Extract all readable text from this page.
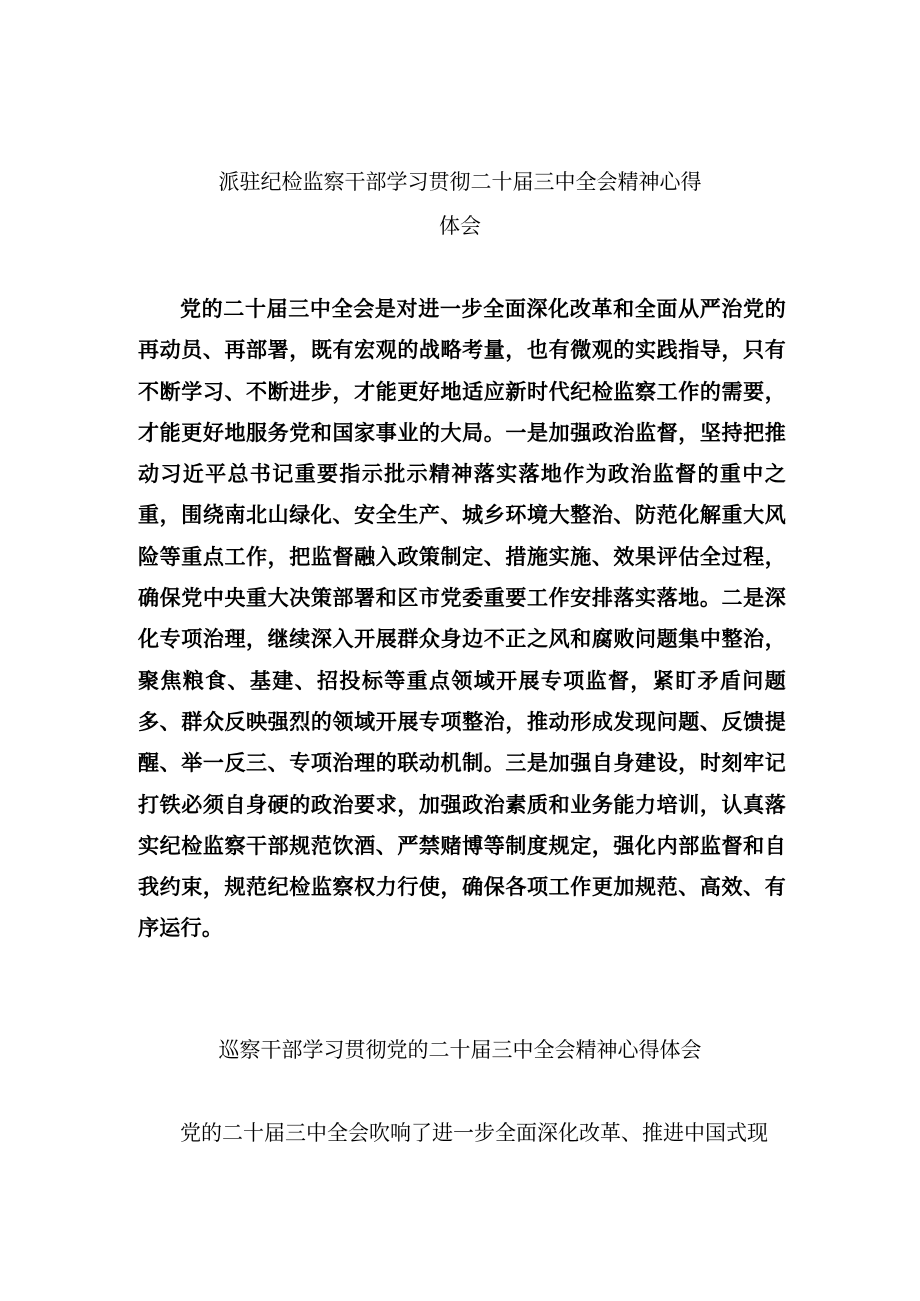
派驻纪检监察干部学习贯彻二十届三中全会精神心得
体会

党的二十届三中全会是对进一步全面深化改革和全面从严治党的再动员、再部署，既有宏观的战略考量，也有微观的实践指导，只有不断学习、不断进步，才能更好地适应新时代纪检监察工作的需要，才能更好地服务党和国家事业的大局。一是加强政治监督，坚持把推动习近平总书记重要指示批示精神落实落地作为政治监督的重中之重，围绕南北山绿化、安全生产、城乡环境大整治、防范化解重大风险等重点工作，把监督融入政策制定、措施实施、效果评估全过程，确保党中央重大决策部署和区市党委重要工作安排落实落地。二是深化专项治理，继续深入开展群众身边不正之风和腐败问题集中整治，聚焦粮食、基建、招投标等重点领域开展专项监督，紧盯矛盾问题多、群众反映强烈的领域开展专项整治，推动形成发现问题、反馈提醒、举一反三、专项治理的联动机制。三是加强自身建设，时刻牢记打铁必须自身硬的政治要求，加强政治素质和业务能力培训，认真落实纪检监察干部规范饮酒、严禁赌博等制度规定，强化内部监督和自我约束，规范纪检监察权力行使，确保各项工作更加规范、高效、有序运行。

巡察干部学习贯彻党的二十届三中全会精神心得体会

党的二十届三中全会吹响了进一步全面深化改革、推进中国式现
